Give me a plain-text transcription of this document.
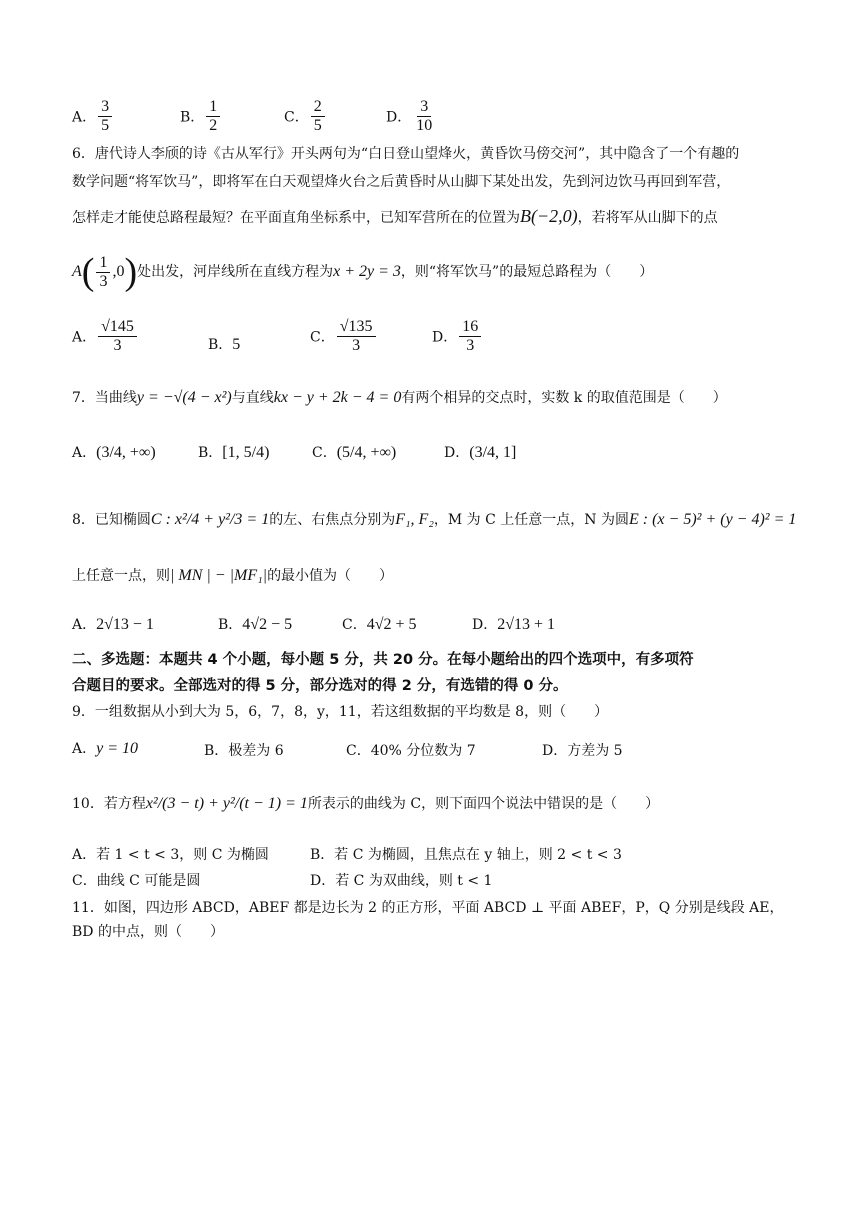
A． $\frac{3}{5}$	B． $\frac{1}{2}$	C． $\frac{2}{5}$	D． $\frac{3}{10}$
6．唐代诗人李颀的诗《古从军行》开头两句为“白日登山望烽火，黄昏饮马傍交河”，其中隐含了一个有趣的
数学问题“将军饮马”，即将军在白天观望烽火台之后黄昏时从山脚下某处出发，先到河边饮马再回到军营，
怎样走才能使总路程最短？在平面直角坐标系中，已知军营所在的位置为B(−2,0)，若将军从山脚下的点
$A( \frac{1}{3} ,0)$处出发，河岸线所在直线方程为x + 2y = 3，则“将军饮马”的最短总路程为（　　）
A． $\frac{√145}{3}$	B．5	C． $\frac{√135}{3}$	D． $\frac{16}{3}$
7．当曲线y = −√(4 − x²)与直线kx − y + 2k − 4 = 0有两个相异的交点时，实数 k 的取值范围是（　　）
A．(3/4, +∞)	B．[1, 5/4)	C．(5/4, +∞)	D．(3/4, 1]
8．已知椭圆C : x²/4 + y²/3 = 1的左、右焦点分别为F₁, F₂，M 为 C 上任意一点，N 为圆E : (x − 5)² + (y − 4)² = 1
上任意一点，则| MN | − |MF₁|的最小值为（　　）
A．2√13 − 1	B．4√2 − 5	C．4√2 + 5	D．2√13 + 1
二、多选题：本题共 4 个小题，每小题 5 分，共 20 分。在每小题给出的四个选项中，有多项符
合题目的要求。全部选对的得 5 分，部分选对的得 2 分，有选错的得 0 分。
9．一组数据从小到大为 5，6，7，8，y，11，若这组数据的平均数是 8，则（　　）
A．y = 10	B．极差为 6	C．40% 分位数为 7	D．方差为 5
10．若方程x²/(3 − t) + y²/(t − 1) = 1所表示的曲线为 C，则下面四个说法中错误的是（　　）
A．若 1 < t < 3，则 C 为椭圆	B．若 C 为椭圆，且焦点在 y 轴上，则 2 < t < 3
C．曲线 C 可能是圆	D．若 C 为双曲线，则 t < 1
11．如图，四边形 ABCD，ABEF 都是边长为 2 的正方形，平面 ABCD ⊥ 平面 ABEF，P，Q 分别是线段 AE，
BD 的中点，则（　　）
